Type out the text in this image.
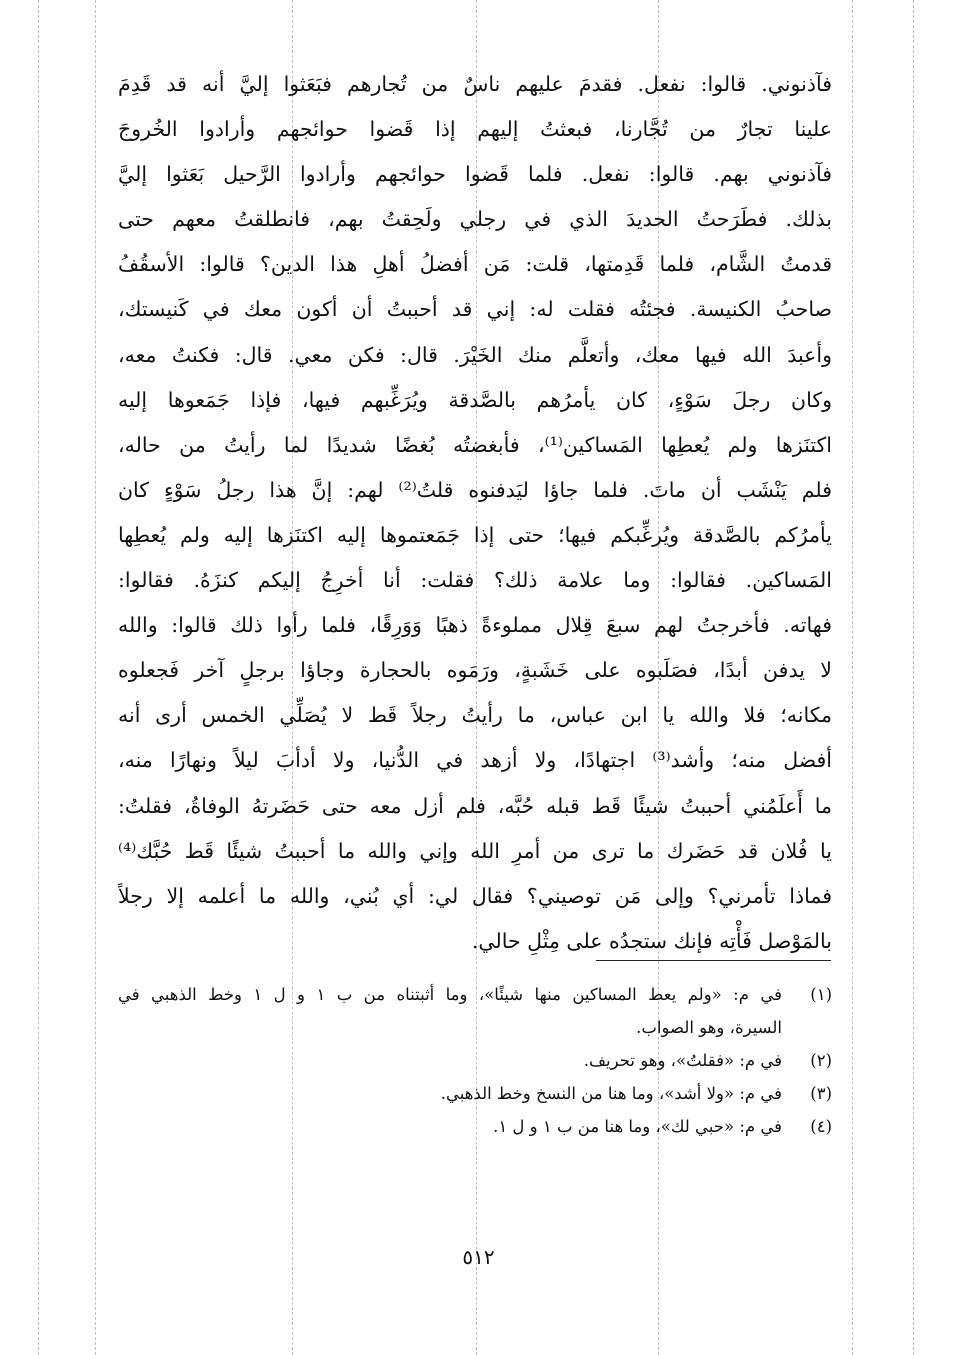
فآذنوني. قالوا: نفعل. فقدمَ عليهم ناسٌ من تُجارهم فبَعَثوا إليَّ أنه قد قَدِمَ
علينا تجارٌ من تُجَّارنا، فبعثتُ إليهم إذا قَضوا حوائجهم وأرادوا الخُروجَ
فآذنوني بهم. قالوا: نفعل. فلما قَضوا حوائجهم وأرادوا الرَّحيل بَعَثوا إليَّ
بذلك. فطَرَحتُ الحديدَ الذي في رجلي ولَحِقتُ بهم، فانطلقتُ معهم حتى
قدمتُ الشَّام، فلما قَدِمتها، قلت: مَن أفضلُ أهلِ هذا الدين؟ قالوا: الأسقُفُ
صاحبُ الكنيسة. فجئتُه فقلت له: إني قد أحببتُ أن أكون معك في كَنيستك،
وأعبدَ الله فيها معك، وأتعلَّم منك الخَيْرَ. قال: فكن معي. قال: فكنتُ معه،
وكان رجلَ سَوْءٍ، كان يأمرُهم بالصَّدقة ويُرَغِّبهم فيها، فإذا جَمَعوها إليه
اكتنَزها ولم يُعطِها المَساكين⁽¹⁾، فأبغضتُه بُغضًا شديدًا لما رأيتُ من حاله،
فلم يَنْشَب أن ماتَ. فلما جاؤا ليَدفنوه قلتُ⁽²⁾ لهم: إنَّ هذا رجلُ سَوْءٍ كان
يأمرُكم بالصَّدقة ويُرغِّبكم فيها؛ حتى إذا جَمَعتموها إليه اكتنَزها إليه ولم يُعطِها
المَساكين. فقالوا: وما علامة ذلك؟ فقلت: أنا أخرِجُ إليكم كنزَهُ. فقالوا:
فهاته. فأخرجتُ لهم سبعَ قِلال مملوءةً ذهبًا وَوَرِقًا، فلما رأوا ذلك قالوا: والله
لا يدفن أبدًا، فصَلَبوه على خَشَبةٍ، ورَمَوه بالحجارة وجاؤا برجلٍ آخر فَجعلوه
مكانه؛ فلا والله يا ابن عباس، ما رأيتُ رجلاً قَط لا يُصَلِّي الخمس أرى أنه
أفضل منه؛ وأشد⁽³⁾ اجتهادًا، ولا أزهد في الدُّنيا، ولا أدأبَ ليلاً ونهارًا منه،
ما أَعلَمُني أحببتُ شيئًا قَط قبله حُبَّه، فلم أزل معه حتى حَضَرتهُ الوفاةُ، فقلتُ:
يا فُلان قد حَضَرك ما ترى من أمرِ الله وإني والله ما أحببتُ شيئًا قَط حُبَّك⁽⁴⁾
فماذا تأمرني؟ وإلى مَن توصيني؟ فقال لي: أي بُني، والله ما أعلمه إلا رجلاً
بالمَوْصل فَأْتِه فإنك ستجدُه على مِثْلِ حالي.
(١)
في م: «ولم يعط المساكين منها شيئًا»، وما أثبتناه من ب ١ و ل ١ وخط الذهبي في
السيرة، وهو الصواب.
(٢)
في م: «فقلتُ»، وهو تحريف.
(٣)
في م: «ولا أشد»، وما هنا من النسخ وخط الذهبي.
(٤)
في م: «حبي لك»، وما هنا من ب ١ و ل ١.
٥١٢
